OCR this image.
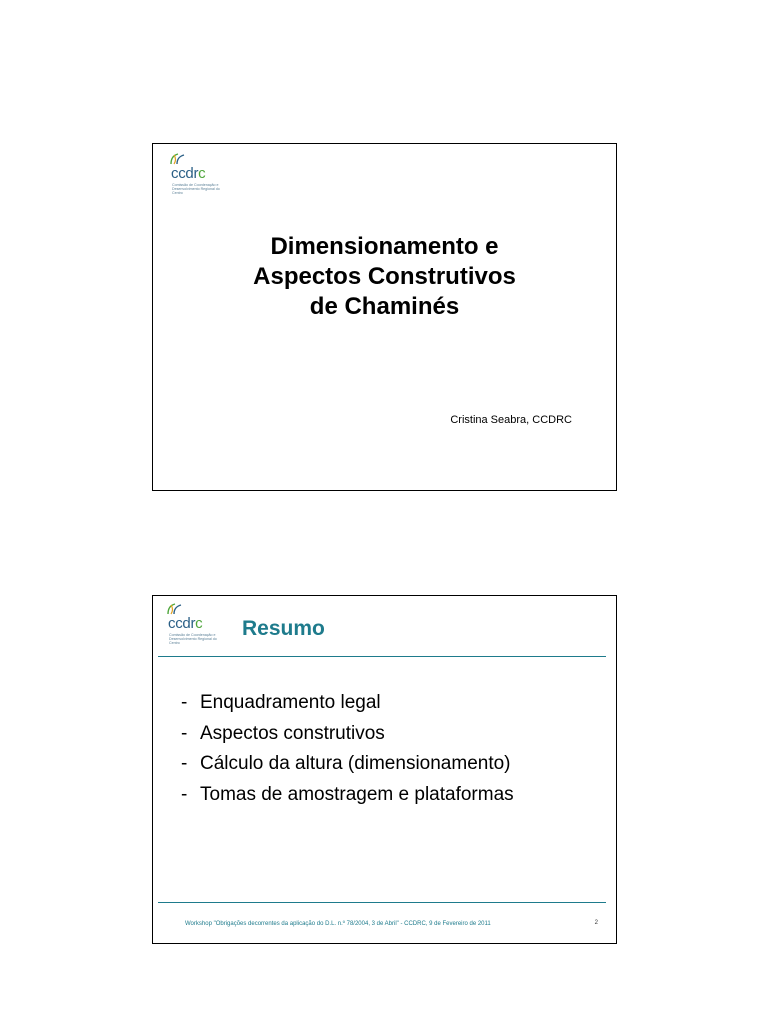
ccdrc
Comissão de Coordenação e Desenvolvimento Regional do Centro
Dimensionamento e
Aspectos Construtivos
de Chaminés
Cristina Seabra, CCDRC
ccdrc
Comissão de Coordenação e Desenvolvimento Regional do Centro
Resumo
- Enquadramento legal
- Aspectos construtivos
- Cálculo da altura (dimensionamento)
- Tomas de amostragem e plataformas
Workshop "Obrigações decorrentes da aplicação do D.L. n.º 78/2004, 3 de Abril" - CCDRC, 9 de Fevereiro de 2011	2
